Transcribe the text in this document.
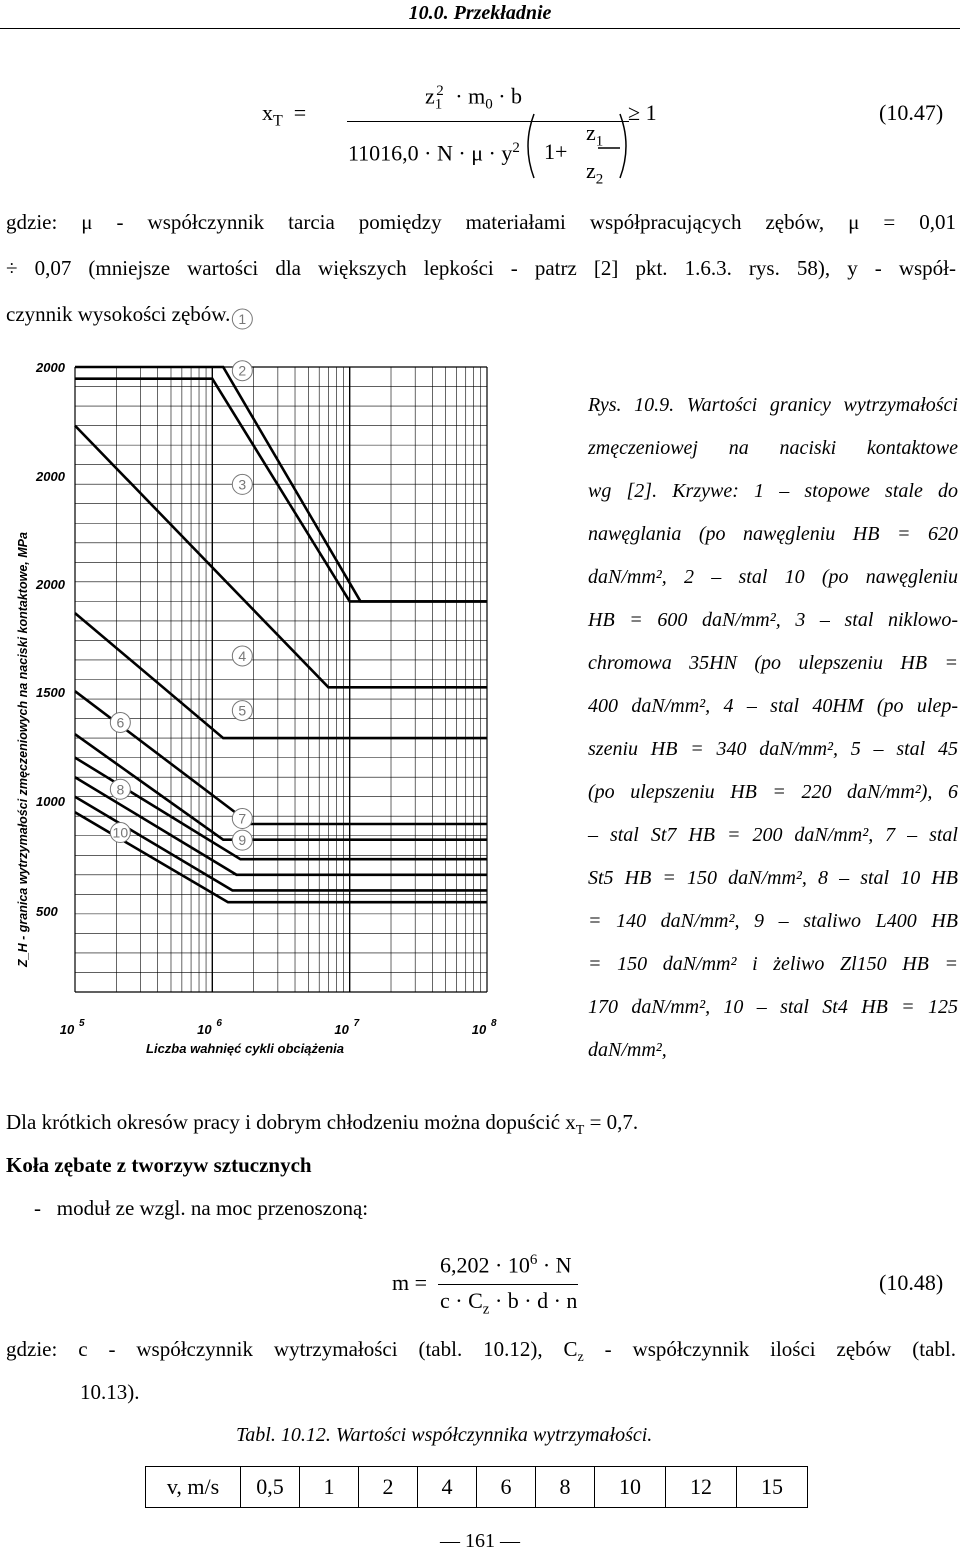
10.0. Przekładnie
$x_T$  =
$z_1^2 \cdot m_0 \cdot b$
$11016,0 \cdot N \cdot \mu \cdot y^2$ 1+
$z_1$
$z_2$
≥ 1	(10.47)
gdzie: μ - współczynnik tarcia pomiędzy materiałami współpracujących zębów, μ = 0,01
÷ 0,07 (mniejsze wartości dla większych lepkości - patrz [2] pkt. 1.6.3. rys. 58), y - współ-
czynnik wysokości zębów. 1
2
3
4
5
6
7
8
9
10
2000
2000
2000
1500
1000
500
10 5	10 6	10 7	10 8
Liczba wahnięć cykli obciążenia
Z_H - granica wytrzymałości zmęczeniowych na naciski kontaktowe, MPa
Rys. 10.9. Wartości granicy wytrzymałości
zmęczeniowej na naciski kontaktowe
wg [2]. Krzywe: 1 – stopowe stale do
nawęglania (po nawęgleniu HB = 620
daN/mm², 2 – stal 10 (po nawęgleniu
HB = 600 daN/mm², 3 – stal niklowo-
chromowa 35HN (po ulepszeniu HB =
400 daN/mm², 4 – stal 40HM (po ulep-
szeniu HB = 340 daN/mm², 5 – stal 45
(po ulepszeniu HB = 220 daN/mm²), 6
– stal St7 HB = 200 daN/mm², 7 – stal
St5 HB = 150 daN/mm², 8 – stal 10 HB
= 140 daN/mm², 9 – staliwo L400 HB
= 150 daN/mm² i żeliwo Zl150 HB =
170 daN/mm², 10 – stal St4 HB = 125
daN/mm²,
Dla krótkich okresów pracy i dobrym chłodzeniu można dopuścić $x_T = 0,7$.
Koła zębate z tworzyw sztucznych
-   moduł ze wzgl. na moc przenoszoną:
m =
$6,202 \cdot 10^6 \cdot N$
$c \cdot C_z \cdot b \cdot d \cdot n$
(10.48)
gdzie: c - współczynnik wytrzymałości (tabl. 10.12), $C_z$ - współczynnik ilości zębów (tabl.
10.13).
Tabl. 10.12. Wartości współczynnika wytrzymałości.
v, m/s	0,5	1	2	4	6	8	10	12	15
— 161 —
